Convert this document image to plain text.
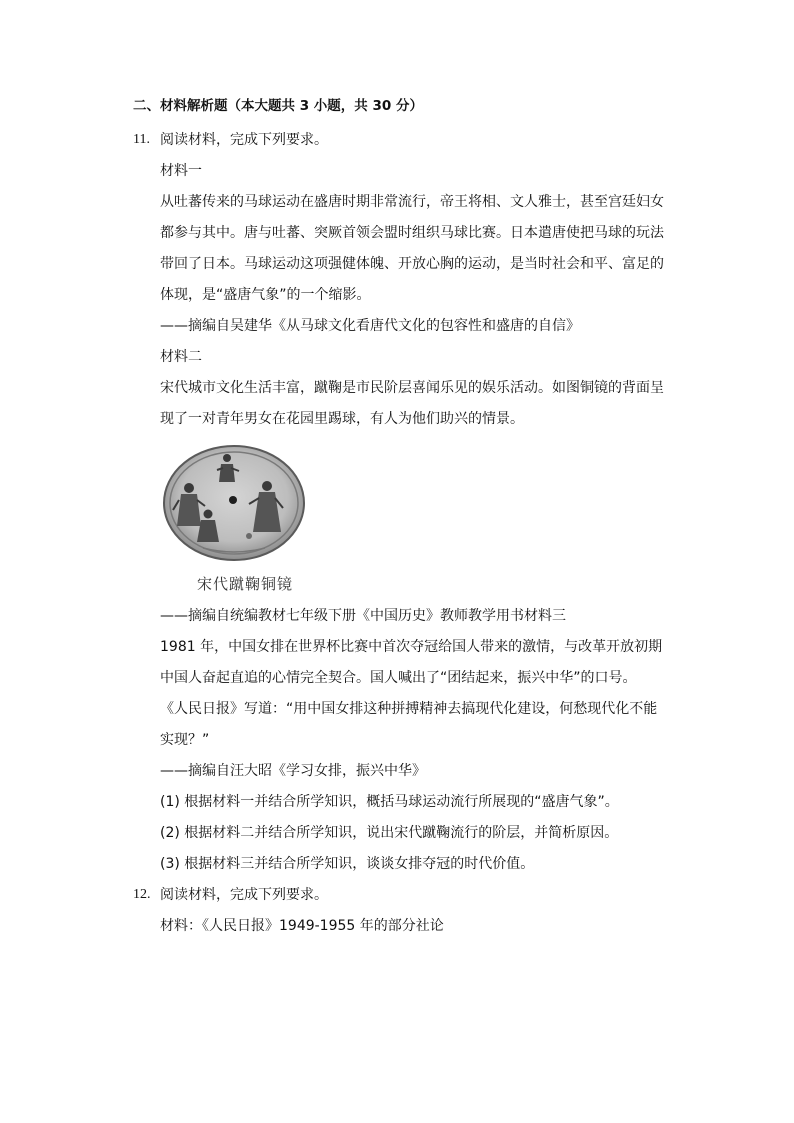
二、材料解析题（本大题共 3 小题，共 30 分）
11. 阅读材料，完成下列要求。
材料一
从吐蕃传来的马球运动在盛唐时期非常流行，帝王将相、文人雅士，甚至宫廷妇女
都参与其中。唐与吐蕃、突厥首领会盟时组织马球比赛。日本遣唐使把马球的玩法
带回了日本。马球运动这项强健体魄、开放心胸的运动，是当时社会和平、富足的
体现，是“盛唐气象”的一个缩影。
——摘编自吴建华《从马球文化看唐代文化的包容性和盛唐的自信》
材料二
宋代城市文化生活丰富，蹴鞠是市民阶层喜闻乐见的娱乐活动。如图铜镜的背面呈
现了一对青年男女在花园里踢球，有人为他们助兴的情景。
宋代蹴鞠铜镜
——摘编自统编教材七年级下册《中国历史》教师教学用书材料三
1981 年，中国女排在世界杯比赛中首次夺冠给国人带来的激情，与改革开放初期
中国人奋起直追的心情完全契合。国人喊出了“团结起来，振兴中华”的口号。
《人民日报》写道：“用中国女排这种拼搏精神去搞现代化建设，何愁现代化不能
实现？”
——摘编自汪大昭《学习女排，振兴中华》
(1) 根据材料一并结合所学知识，概括马球运动流行所展现的“盛唐气象”。
(2) 根据材料二并结合所学知识，说出宋代蹴鞠流行的阶层，并简析原因。
(3) 根据材料三并结合所学知识，谈谈女排夺冠的时代价值。
12. 阅读材料，完成下列要求。
材料：《人民日报》1949-1955 年的部分社论
